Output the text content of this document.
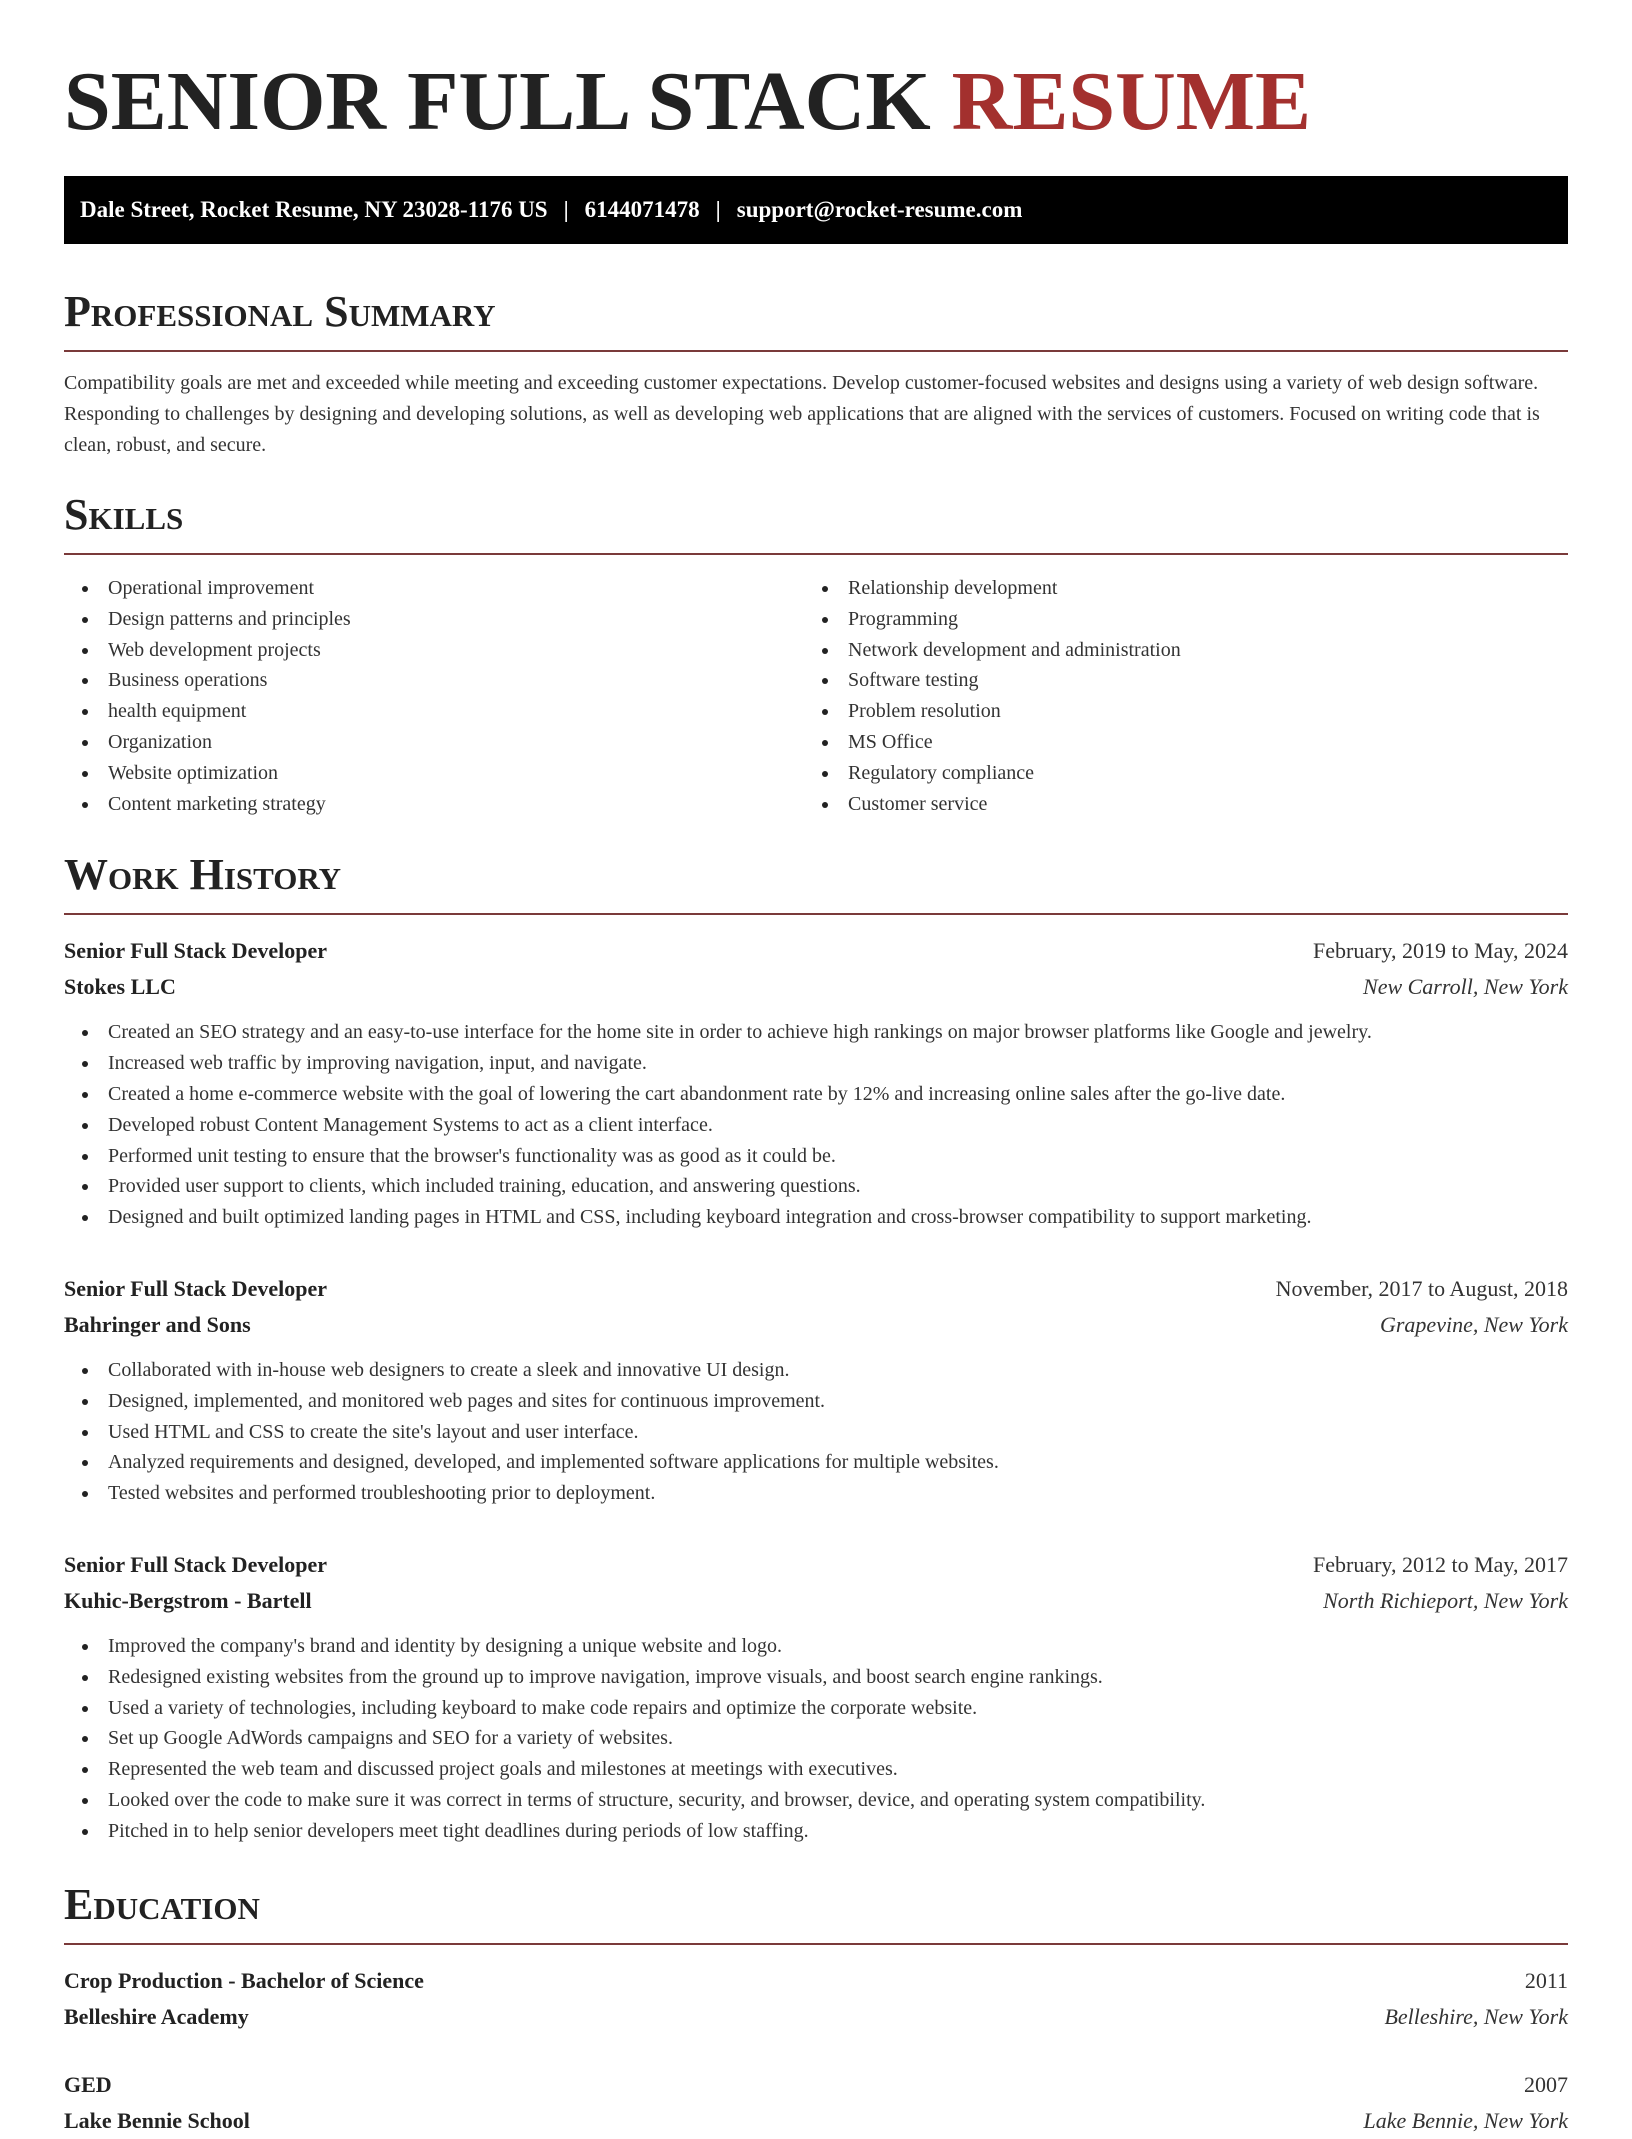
SENIOR FULL STACK RESUME
Dale Street, Rocket Resume, NY 23028-1176 US | 6144071478 | support@rocket-resume.com
Professional Summary

Compatibility goals are met and exceeded while meeting and exceeding customer expectations. Develop customer-focused websites and designs using a variety of web design software. Responding to challenges by designing and developing solutions, as well as developing web applications that are aligned with the services of customers. Focused on writing code that is clean, robust, and secure.

Skills
Operational improvement
Design patterns and principles
Web development projects
Business operations
health equipment
Organization
Website optimization
Content marketing strategy
Relationship development
Programming
Network development and administration
Software testing
Problem resolution
MS Office
Regulatory compliance
Customer service
Work History
Senior Full Stack Developer	February, 2019 to May, 2024
Stokes LLC	New Carroll, New York
Created an SEO strategy and an easy-to-use interface for the home site in order to achieve high rankings on major browser platforms like Google and jewelry.
Increased web traffic by improving navigation, input, and navigate.
Created a home e-commerce website with the goal of lowering the cart abandonment rate by 12% and increasing online sales after the go-live date.
Developed robust Content Management Systems to act as a client interface.
Performed unit testing to ensure that the browser's functionality was as good as it could be.
Provided user support to clients, which included training, education, and answering questions.
Designed and built optimized landing pages in HTML and CSS, including keyboard integration and cross-browser compatibility to support marketing.
Senior Full Stack Developer	November, 2017 to August, 2018
Bahringer and Sons	Grapevine, New York
Collaborated with in-house web designers to create a sleek and innovative UI design.
Designed, implemented, and monitored web pages and sites for continuous improvement.
Used HTML and CSS to create the site's layout and user interface.
Analyzed requirements and designed, developed, and implemented software applications for multiple websites.
Tested websites and performed troubleshooting prior to deployment.
Senior Full Stack Developer	February, 2012 to May, 2017
Kuhic-Bergstrom - Bartell	North Richieport, New York
Improved the company's brand and identity by designing a unique website and logo.
Redesigned existing websites from the ground up to improve navigation, improve visuals, and boost search engine rankings.
Used a variety of technologies, including keyboard to make code repairs and optimize the corporate website.
Set up Google AdWords campaigns and SEO for a variety of websites.
Represented the web team and discussed project goals and milestones at meetings with executives.
Looked over the code to make sure it was correct in terms of structure, security, and browser, device, and operating system compatibility.
Pitched in to help senior developers meet tight deadlines during periods of low staffing.
Education
Crop Production - Bachelor of Science	2011
Belleshire Academy	Belleshire, New York
GED	2007
Lake Bennie School	Lake Bennie, New York
